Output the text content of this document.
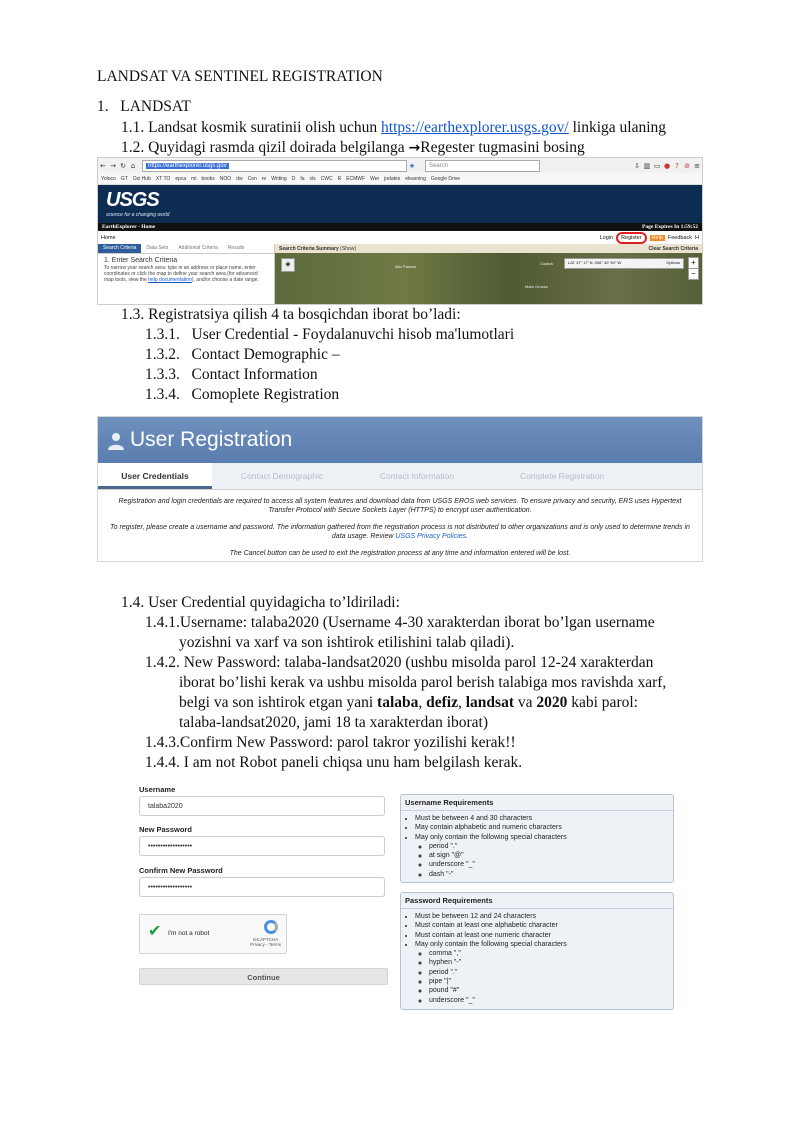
LANDSAT VA SENTINEL REGISTRATION
1. LANDSAT
1.1. Landsat kosmik suratinii olish uchun https://earthexplorer.usgs.gov/ linkiga ulaning
1.2. Quyidagi rasmda qizil doirada belgilanga →Regester tugmasini bosing
← → ↻ ⌂	https://earthexplorer.usgs.gov	★	Search	⇩ ▥ ▭ ● ? ⊘ ≡
Yoloco GT Ozi Hub XT TO epca mi books NOO dw Cen re Writing D fa xls CWC R ECMWF Wer jodates elearning Google Drive
USGS
science for a changing world
EarthExplorer - Home	Page Expires In 1:59:52
Home	Login	Register	Help Feedback H
Search Criteria	Data Sets	Additional Criteria	Results
1. Enter Search Criteria
To narrow your search area: type in an address or place name, enter coordinates or click the map to define your search area (for advanced map tools, view the help documentation), and/or choose a date range.
Search Criteria Summary (Show)	Clear Search Criteria
◈	Alto Paraná
Mato Grosso
Cuiabá	LAT 37° 17' N, 056° 40' 50" W	Options +
−
1.3. Registratsiya qilish 4 ta bosqichdan iborat bo’ladi:
1.3.1. User Credential - Foydalanuvchi hisob ma'lumotlari
1.3.2. Contact Demographic –
1.3.3. Contact Information
1.3.4. Comoplete Registration
User Registration
User Credentials	Contact Demographic	Contact Information	Complete Registration
Registration and login credentials are required to access all system features and download data from USGS EROS web services. To ensure privacy and security, ERS uses Hypertext Transfer Protocol with Secure Sockets Layer (HTTPS) to encrypt user authentication.
To register, please create a username and password. The information gathered from the registration process is not distributed to other organizations and is only used to determine trends in data usage. Review USGS Privacy Policies.
The Cancel button can be used to exit the registration process at any time and information entered will be lost.
1.4. User Credential quyidagicha to’ldiriladi:
1.4.1.Username: talaba2020 (Username 4-30 xarakterdan iborat bo’lgan username
yozishni va xarf va son ishtirok etilishini talab qiladi).
1.4.2. New Password: talaba-landsat2020 (ushbu misolda parol 12-24 xarakterdan
iborat bo’lishi kerak va ushbu misolda parol berish talabiga mos ravishda xarf,
belgi va son ishtirok etgan yani talaba, defiz, landsat va 2020 kabi parol:
talaba-landsat2020, jami 18 ta xarakterdan iborat)
1.4.3.Confirm New Password: parol takror yozilishi kerak!!
1.4.4. I am not Robot paneli chiqsa unu ham belgilash kerak.
Username
talaba2020
New Password
••••••••••••••••••
Confirm New Password
••••••••••••••••••
✔ I'm not a robot
reCAPTCHA
Privacy - Terms
Continue
Username Requirements
• Must be between 4 and 30 characters
• May contain alphabetic and numeric characters
• May only contain the following special characters
◦ period "."
◦ at sign "@"
◦ underscore "_"
◦ dash "-"
Password Requirements
• Must be between 12 and 24 characters
• Must contain at least one alphabetic character
• Must contain at least one numeric character
• May only contain the following special characters
◦ comma ","
◦ hyphen "-"
◦ period "."
◦ pipe "|"
◦ pound "#"
◦ underscore "_"
